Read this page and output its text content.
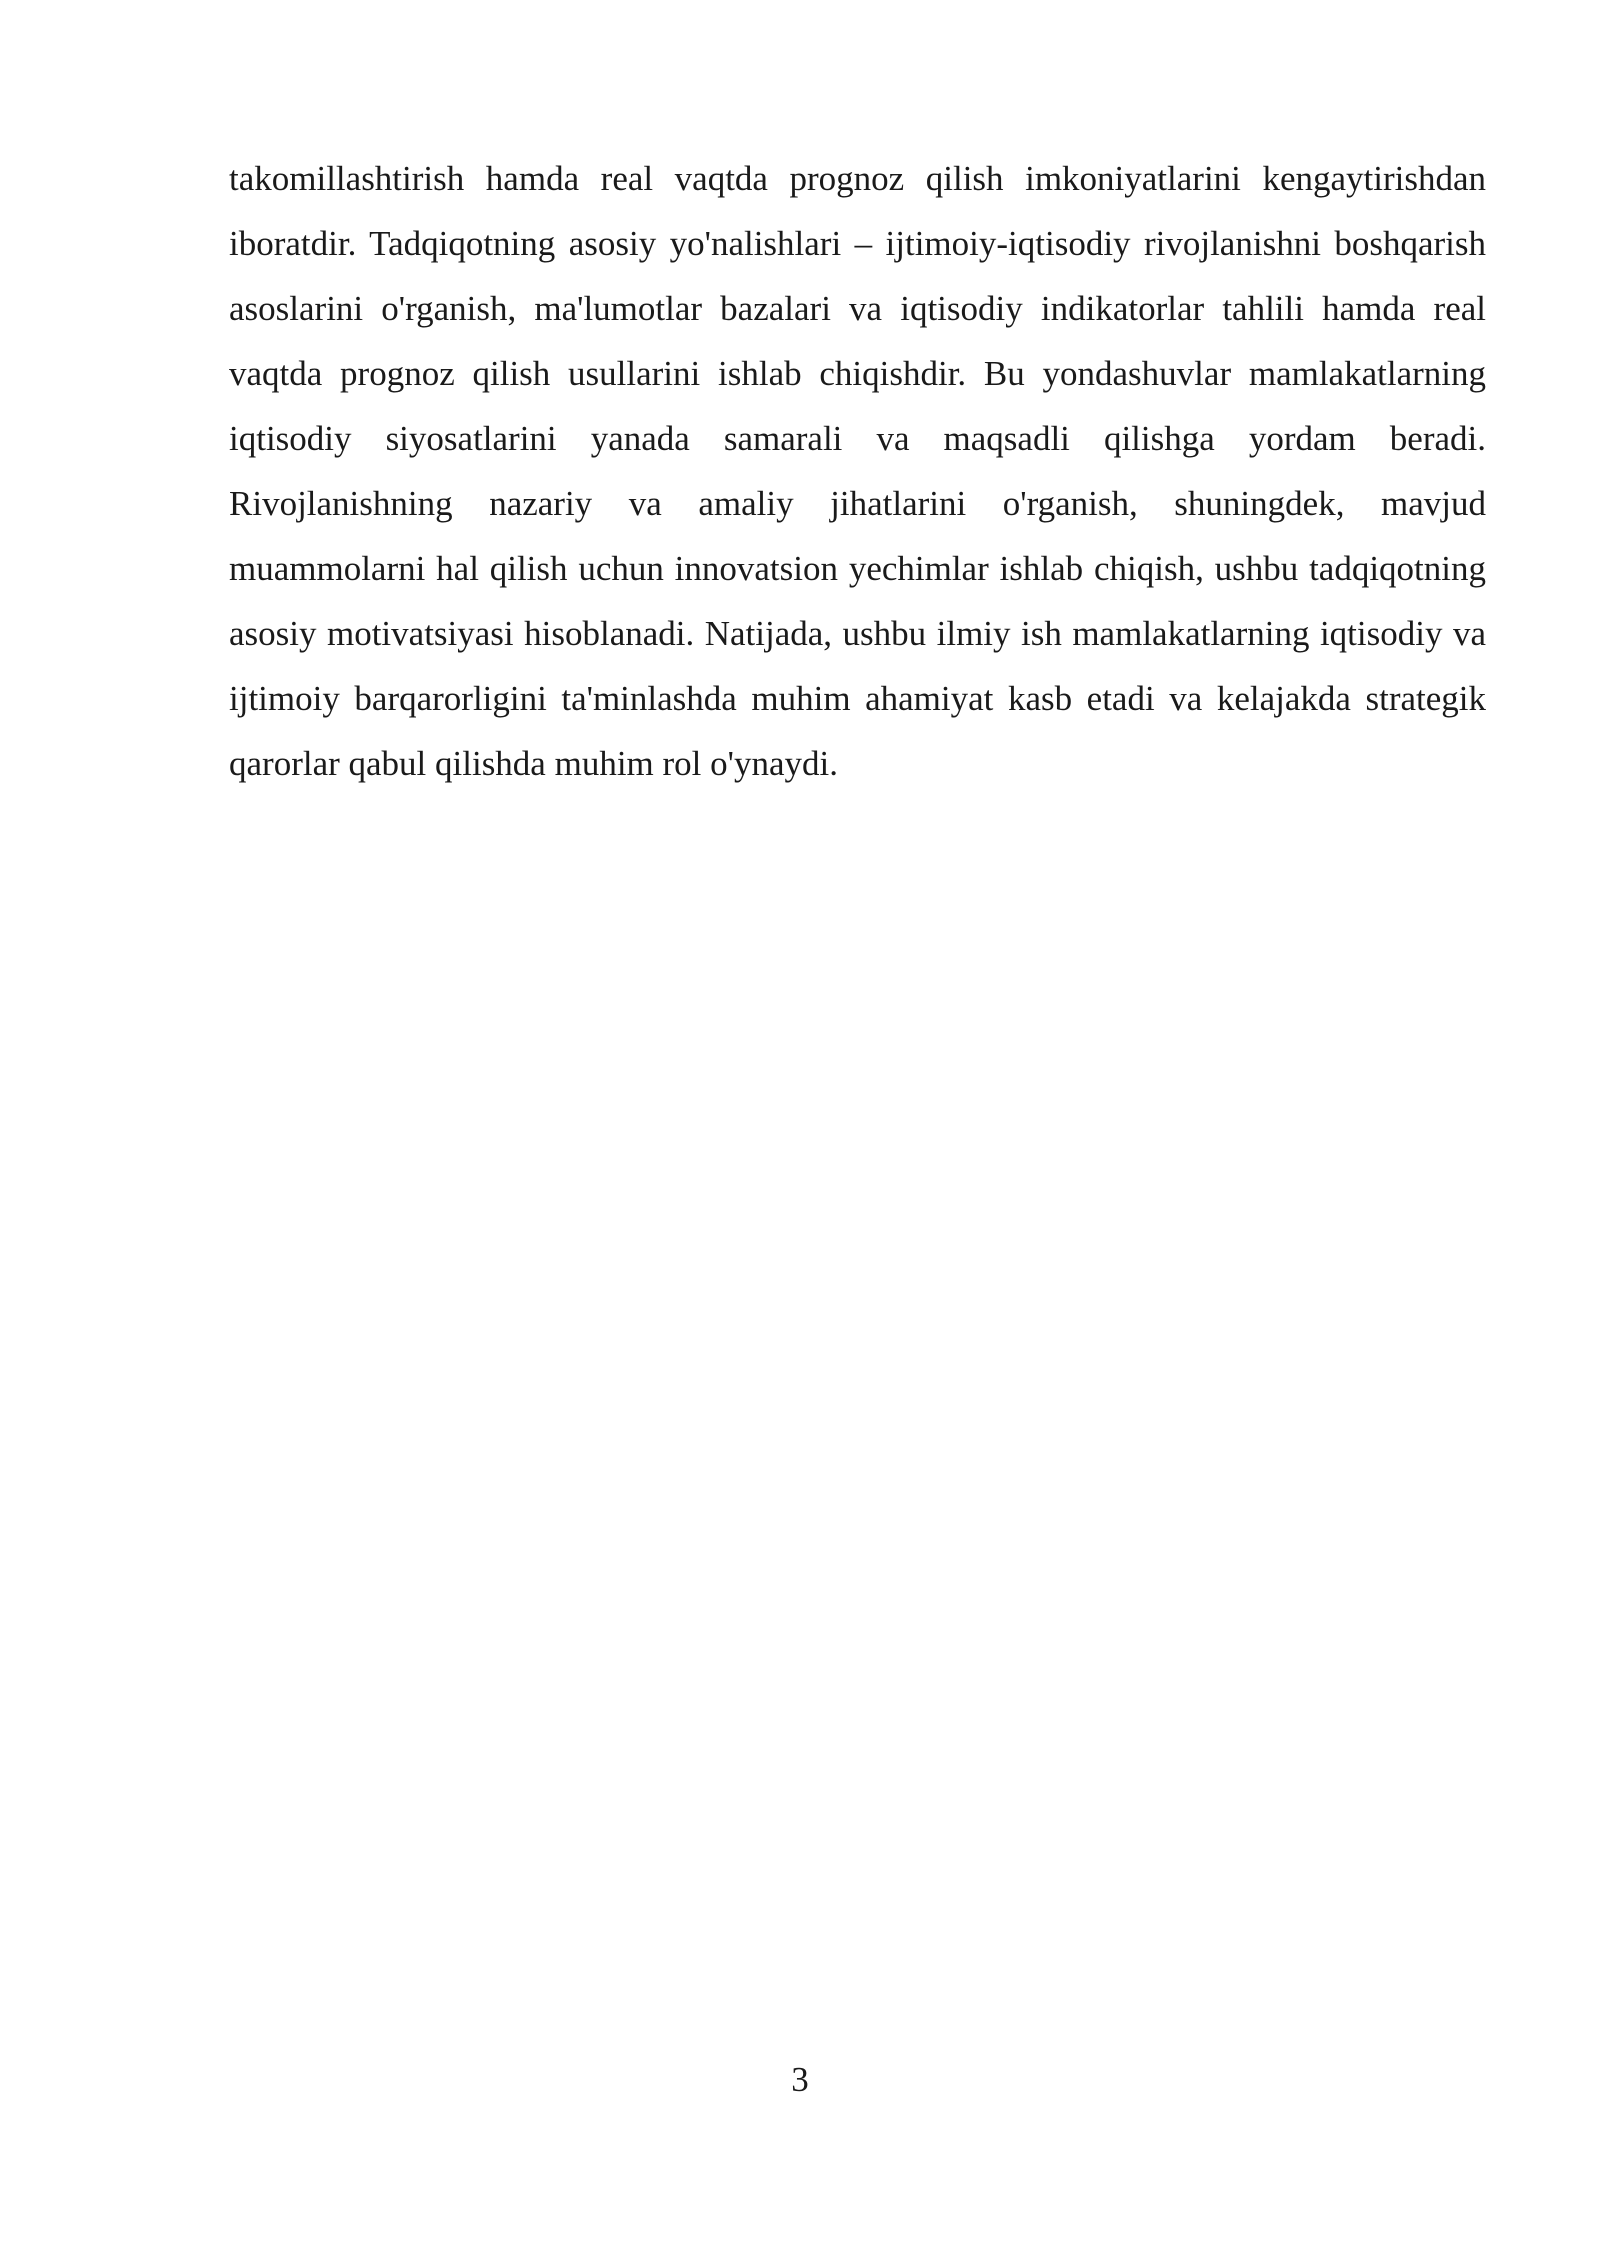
takomillashtirish hamda real vaqtda prognoz qilish imkoniyatlarini kengaytirishdan iboratdir. Tadqiqotning asosiy yo'nalishlari – ijtimoiy-iqtisodiy rivojlanishni boshqarish asoslarini o'rganish, ma'lumotlar bazalari va iqtisodiy indikatorlar tahlili hamda real vaqtda prognoz qilish usullarini ishlab chiqishdir. Bu yondashuvlar mamlakatlarning iqtisodiy siyosatlarini yanada samarali va maqsadli qilishga yordam beradi. Rivojlanishning nazariy va amaliy jihatlarini o'rganish, shuningdek, mavjud muammolarni hal qilish uchun innovatsion yechimlar ishlab chiqish, ushbu tadqiqotning asosiy motivatsiyasi hisoblanadi. Natijada, ushbu ilmiy ish mamlakatlarning iqtisodiy va ijtimoiy barqarorligini ta'minlashda muhim ahamiyat kasb etadi va kelajakda strategik qarorlar qabul qilishda muhim rol o'ynaydi.

3
